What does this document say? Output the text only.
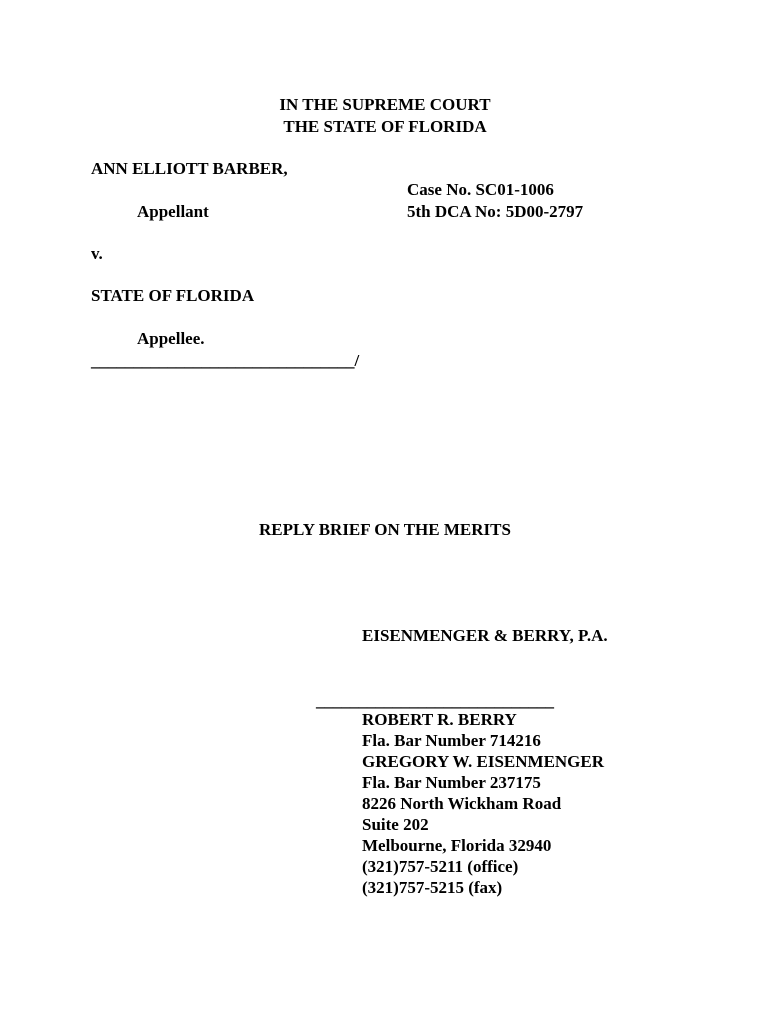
IN THE SUPREME COURT
THE STATE OF FLORIDA
ANN ELLIOTT BARBER,
Case No. SC01-1006
Appellant	5th DCA No: 5D00-2797
v.
STATE OF FLORIDA
Appellee.
_______________________________/
REPLY BRIEF ON THE MERITS
EISENMENGER & BERRY, P.A.
____________________________
ROBERT R. BERRY
Fla. Bar Number 714216
GREGORY W. EISENMENGER
Fla. Bar Number 237175
8226 North Wickham Road
Suite 202
Melbourne, Florida 32940
(321)757-5211 (office)
(321)757-5215 (fax)
